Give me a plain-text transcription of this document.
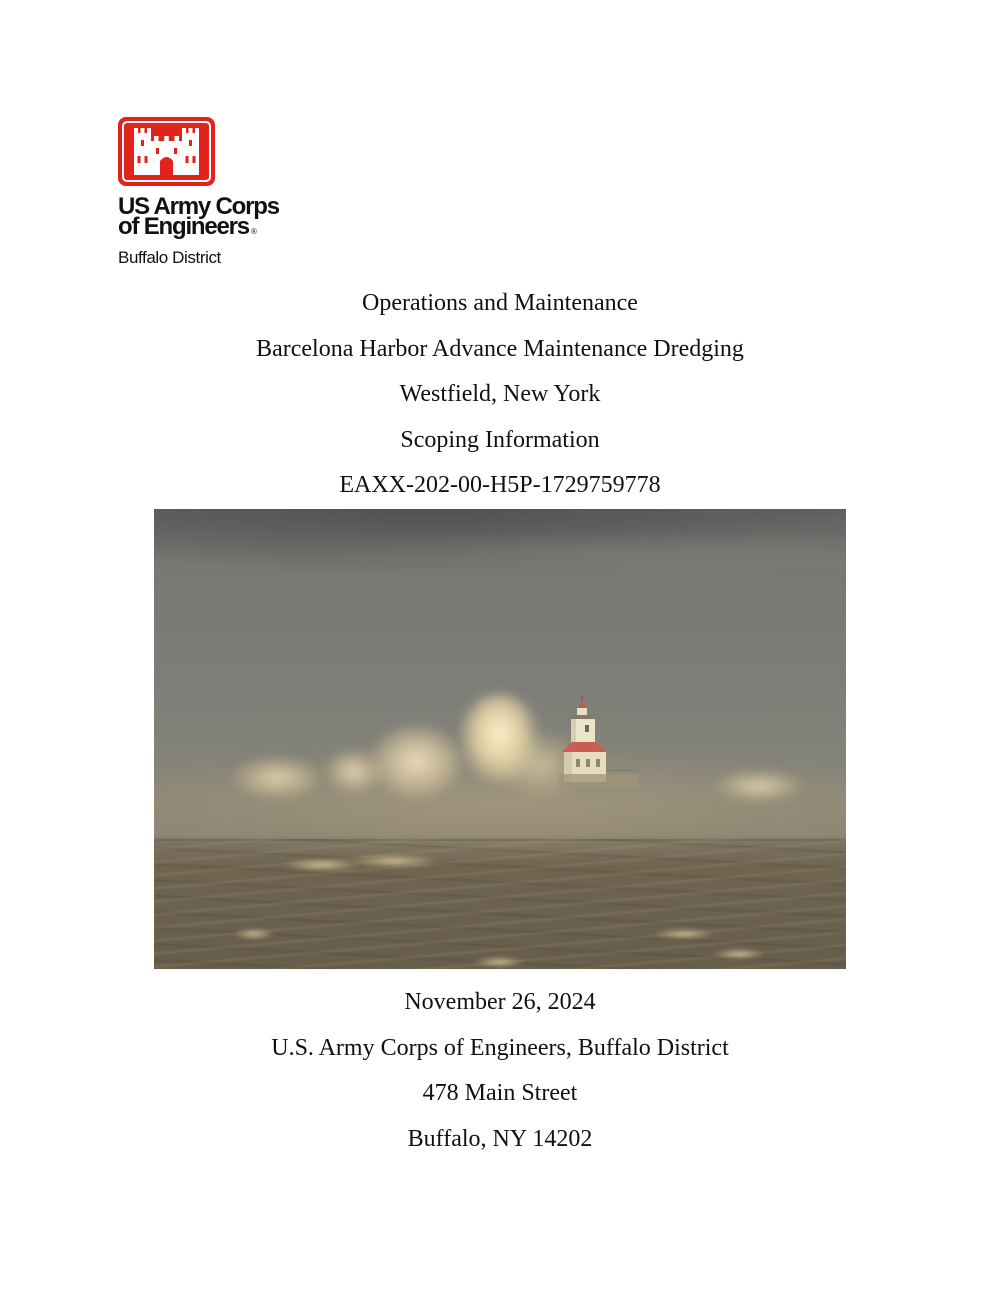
US Army Corps
of Engineers ®
Buffalo District
Operations and Maintenance
Barcelona Harbor Advance Maintenance Dredging
Westfield, New York
Scoping Information
EAXX-202-00-H5P-1729759778
November 26, 2024
U.S. Army Corps of Engineers, Buffalo District
478 Main Street
Buffalo, NY 14202
